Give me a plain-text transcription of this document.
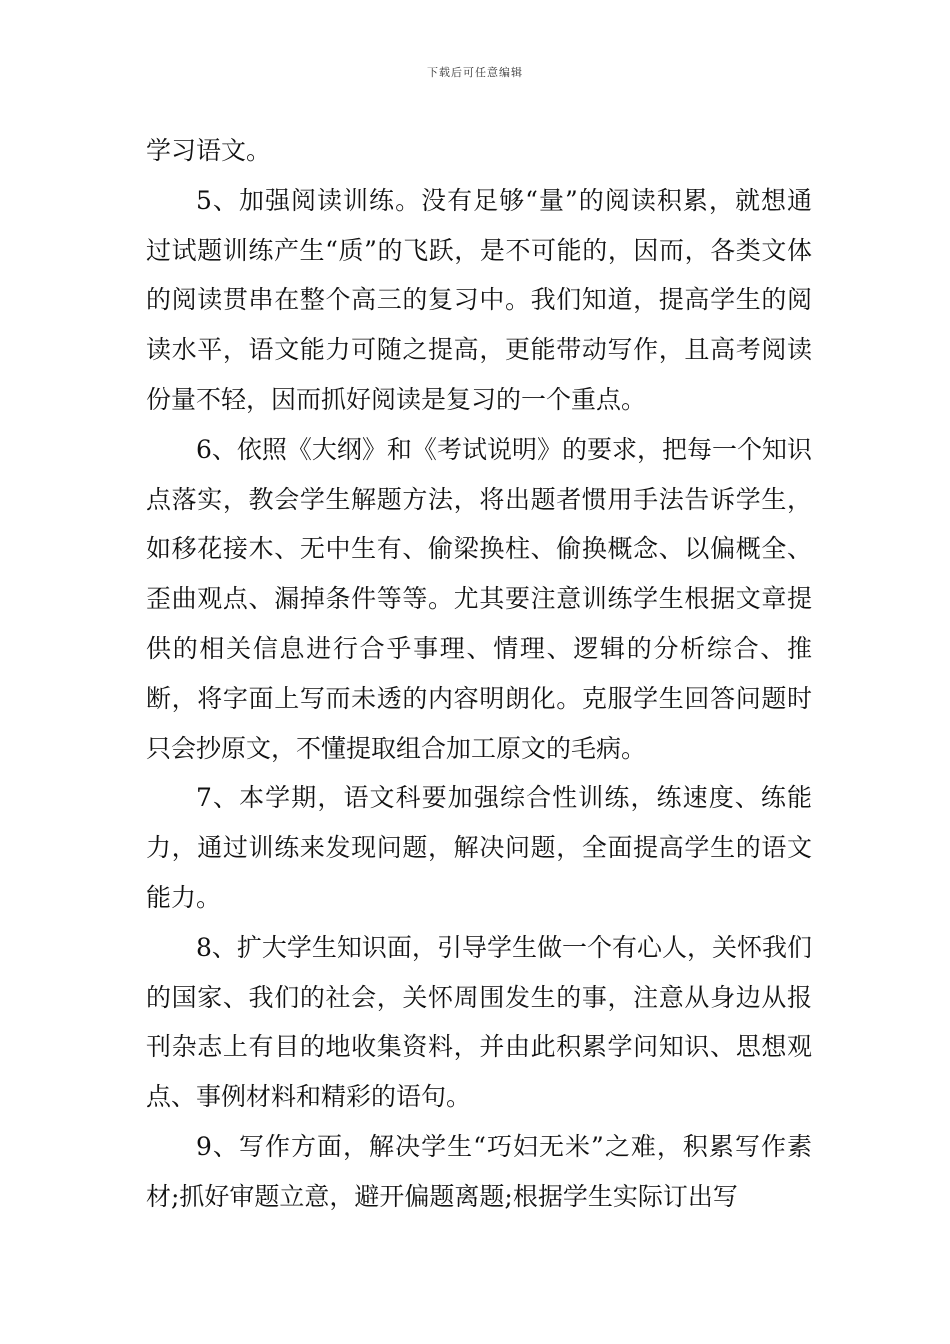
下载后可任意编辑

学习语文。

5、加强阅读训练。没有足够“量”的阅读积累，就想通过试题训练产生“质”的飞跃，是不可能的，因而，各类文体的阅读贯串在整个高三的复习中。我们知道，提高学生的阅读水平，语文能力可随之提高，更能带动写作，且高考阅读份量不轻，因而抓好阅读是复习的一个重点。

6、依照《大纲》和《考试说明》的要求，把每一个知识点落实，教会学生解题方法，将出题者惯用手法告诉学生，如移花接木、无中生有、偷梁换柱、偷换概念、以偏概全、歪曲观点、漏掉条件等等。尤其要注意训练学生根据文章提供的相关信息进行合乎事理、情理、逻辑的分析综合、推断，将字面上写而未透的内容明朗化。克服学生回答问题时只会抄原文，不懂提取组合加工原文的毛病。

7、本学期，语文科要加强综合性训练，练速度、练能力，通过训练来发现问题，解决问题，全面提高学生的语文能力。

8、扩大学生知识面，引导学生做一个有心人，关怀我们的国家、我们的社会，关怀周围发生的事，注意从身边从报刊杂志上有目的地收集资料，并由此积累学问知识、思想观点、事例材料和精彩的语句。

9、写作方面，解决学生“巧妇无米”之难，积累写作素材;抓好审题立意，避开偏题离题;根据学生实际订出写
